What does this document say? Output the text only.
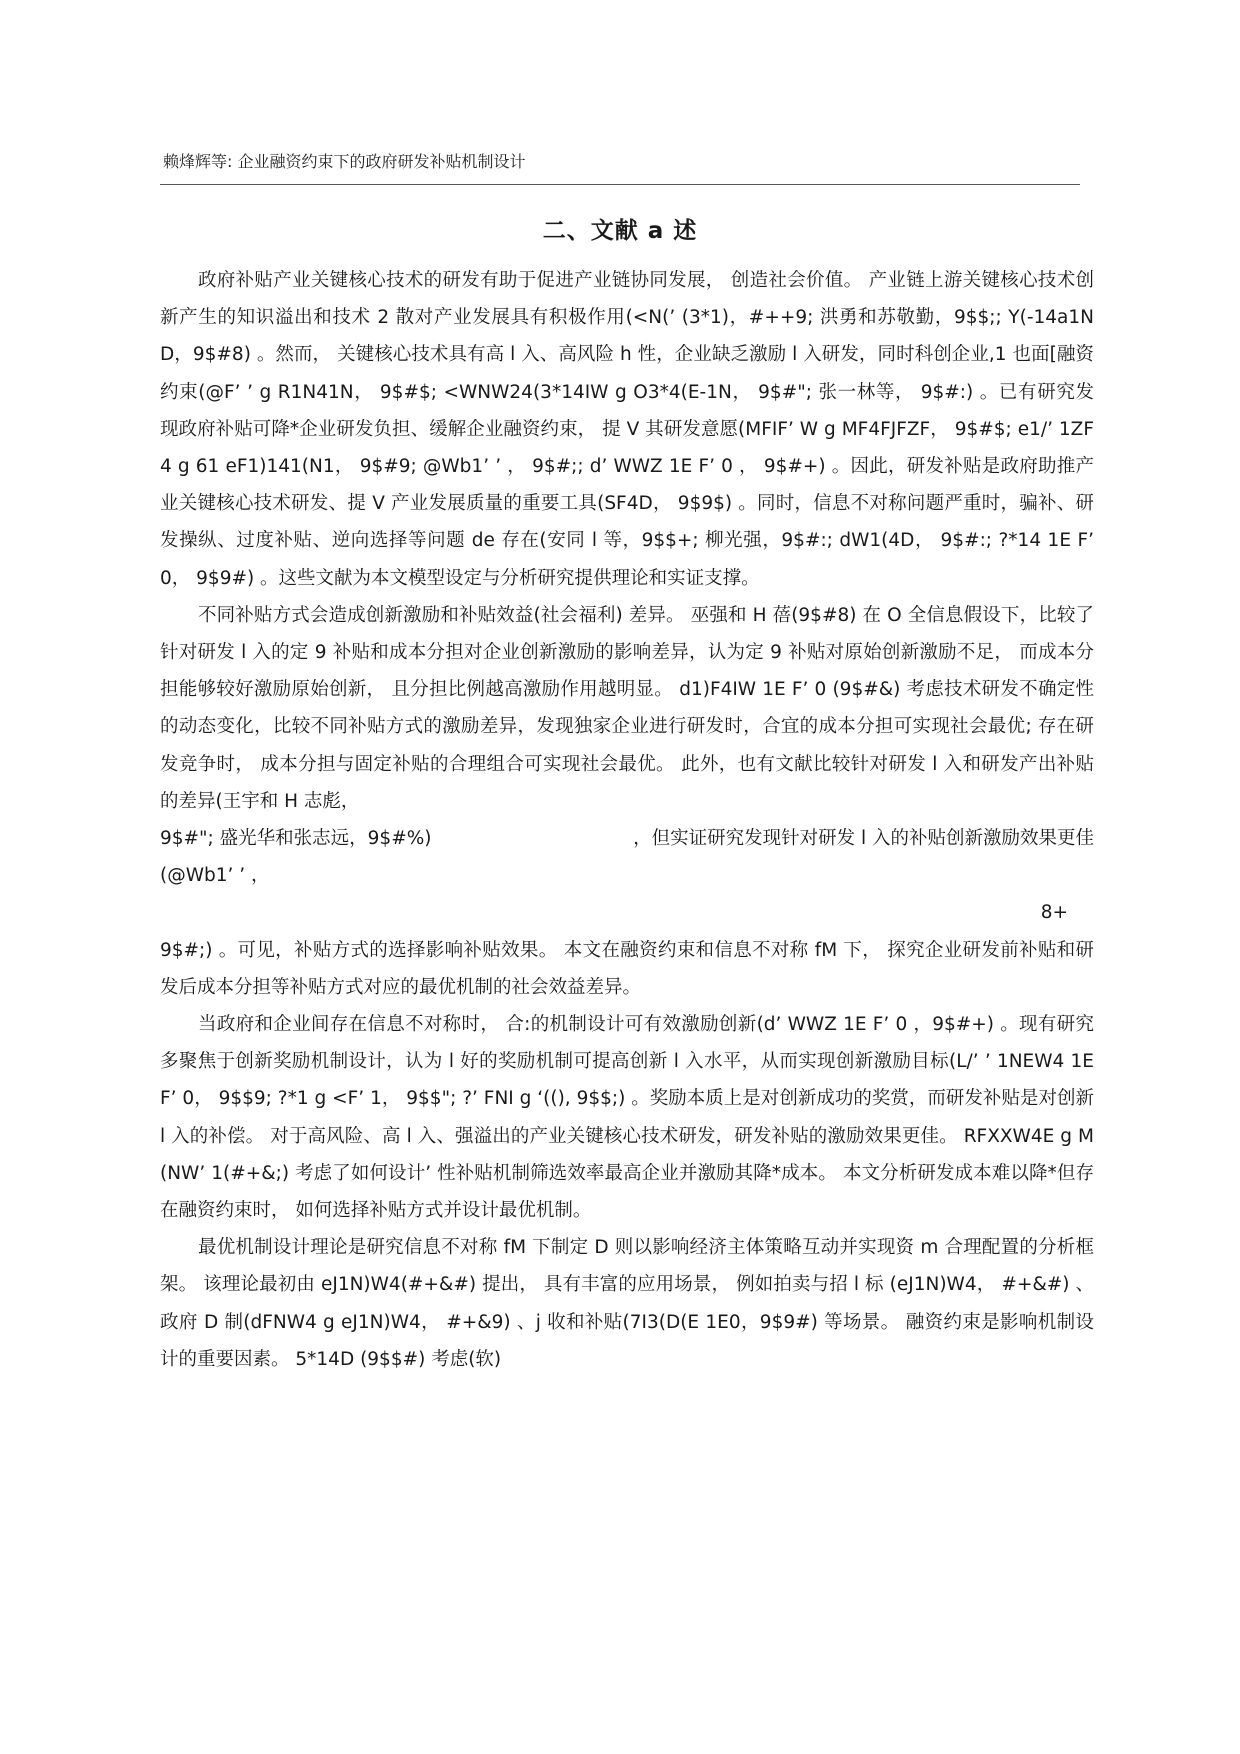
赖烽辉等: 企业融资约束下的政府研发补贴机制设计
二、文献 a 述

政府补贴产业关键核心技术的研发有助于促进产业链协同发展， 创造社会价值。 产业链上游关键核心技术创新产生的知识溢出和技术 2 散对产业发展具有积极作用(<N(’ (3*1)，#++9; 洪勇和苏敬勤，9$$;; Y(-14a1ND，9$#8) 。然而， 关键核心技术具有高 l 入、高风险 h 性，企业缺乏激励 l 入研发，同时科创企业,1 也面[融资约束(@F’ ’ g R1N41N， 9$#$; <WNW24(3*14IW g O3*4(E-1N， 9$#"; 张一林等， 9$#:) 。已有研究发现政府补贴可降*企业研发负担、缓解企业融资约束， 提 V 其研发意愿(MFIF’ W g MF4FJFZF， 9$#$; e1/’ 1ZF4 g 61 eF1)141(N1， 9$#9; @Wb1’ ’ ， 9$#;; d’ WWZ 1E F’ 0 ， 9$#+) 。因此，研发补贴是政府助推产业关键核心技术研发、提 V 产业发展质量的重要工具(SF4D， 9$9$) 。同时，信息不对称问题严重时，骗补、研发操纵、过度补贴、逆向选择等问题 de 存在(安同 l 等，9$$+; 柳光强，9$#:; dW1(4D， 9$#:; ?*14 1E F’ 0， 9$9#) 。这些文献为本文模型设定与分析研究提供理论和实证支撑。

不同补贴方式会造成创新激励和补贴效益(社会福利) 差异。 巫强和 H 蓓(9$#8) 在 O 全信息假设下，比较了针对研发 l 入的定 9 补贴和成本分担对企业创新激励的影响差异，认为定 9 补贴对原始创新激励不足， 而成本分担能够较好激励原始创新， 且分担比例越高激励作用越明显。 d1)F4IW 1E F’ 0 (9$#&) 考虑技术研发不确定性的动态变化，比较不同补贴方式的激励差异，发现独家企业进行研发时，合宜的成本分担可实现社会最优; 存在研发竞争时， 成本分担与固定补贴的合理组合可实现社会最优。 此外，也有文献比较针对研发 l 入和研发产出补贴的差异(王宇和 H 志彪，

9$#"; 盛光华和张志远，9$#%)	，但实证研究发现针对研发 l 入的补贴创新激励效果更佳
(@Wb1’ ’ ，
8+

9$#;) 。可见，补贴方式的选择影响补贴效果。 本文在融资约束和信息不对称 fM 下， 探究企业研发前补贴和研发后成本分担等补贴方式对应的最优机制的社会效益差异。

当政府和企业间存在信息不对称时， 合:的机制设计可有效激励创新(d’ WWZ 1E F’ 0 ，9$#+) 。现有研究多聚焦于创新奖励机制设计，认为 l 好的奖励机制可提高创新 l 入水平，从而实现创新激励目标(L/’ ’ 1NEW4 1E F’ 0， 9$$9; ?*1 g <F’ 1， 9$$"; ?’ FNI g ‘((), 9$$;) 。奖励本质上是对创新成功的奖赏，而研发补贴是对创新 l 入的补偿。 对于高风险、高 l 入、强溢出的产业关键核心技术研发，研发补贴的激励效果更佳。 RFXXW4E g M(NW’ 1(#+&;) 考虑了如何设计’ 性补贴机制筛选效率最高企业并激励其降*成本。 本文分析研发成本难以降*但存在融资约束时， 如何选择补贴方式并设计最优机制。

最优机制设计理论是研究信息不对称 fM 下制定 D 则以影响经济主体策略互动并实现资 m 合理配置的分析框架。 该理论最初由 eJ1N)W4(#+&#) 提出， 具有丰富的应用场景， 例如拍卖与招 l 标 (eJ1N)W4， #+&#) 、政府 D 制(dFNW4 g eJ1N)W4， #+&9) 、j 收和补贴(7I3(D(E 1E0，9$9#) 等场景。 融资约束是影响机制设计的重要因素。 5*14D (9$$#) 考虑(软)
